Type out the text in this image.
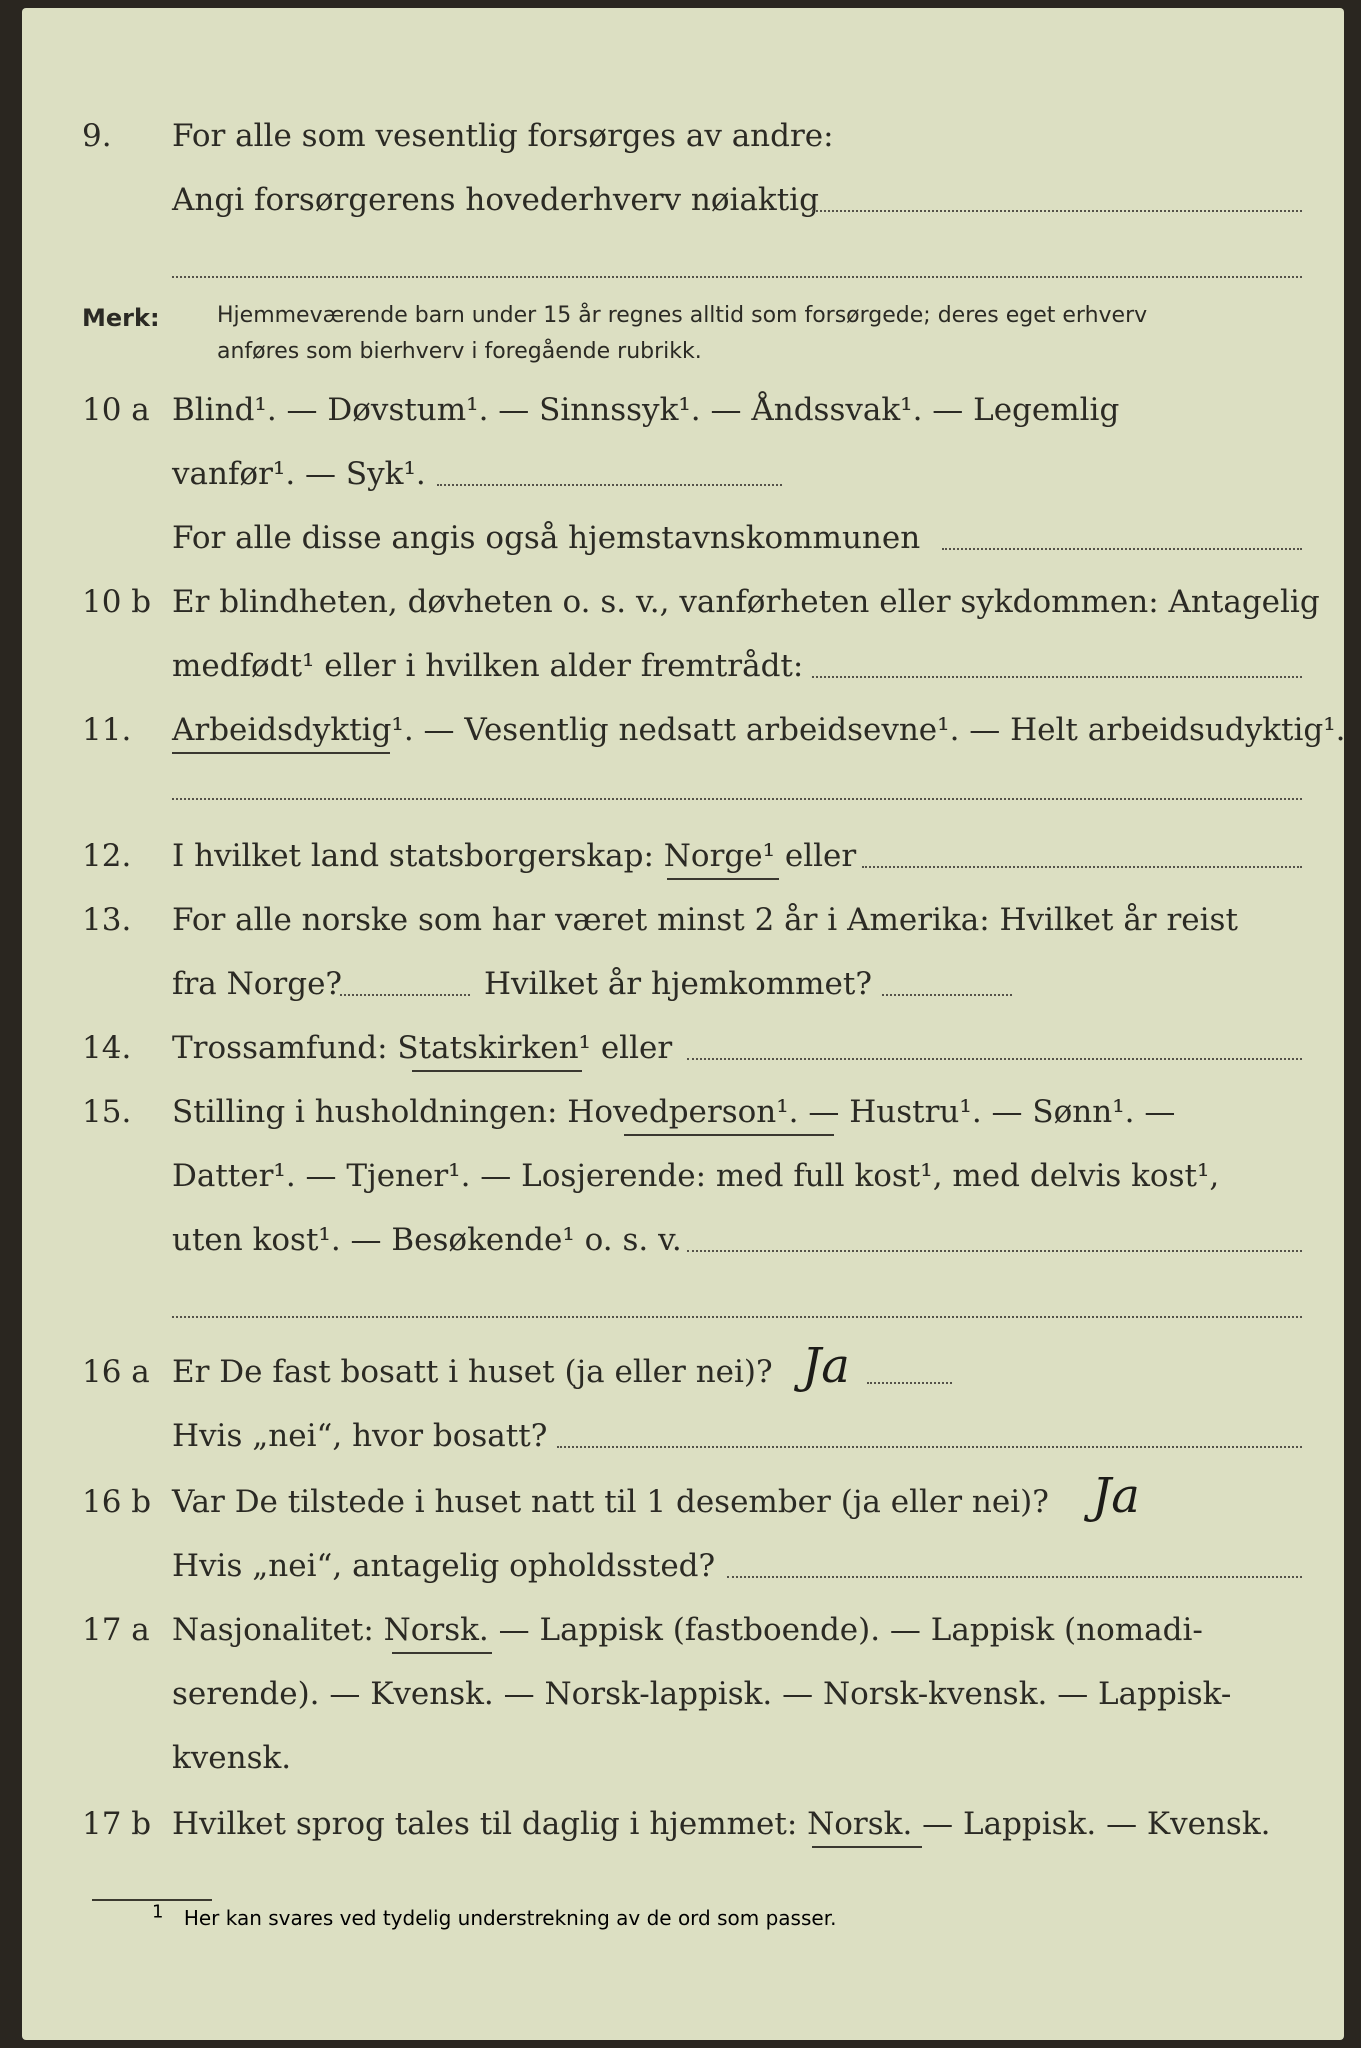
9. For alle som vesentlig forsørges av andre:
Angi forsørgerens hovederhverv nøiaktig
Merk:	Hjemmeværende barn under 15 år regnes alltid som forsørgede; deres eget erhverv
anføres som bierhverv i foregående rubrikk.
10 a Blind¹. — Døvstum¹. — Sinnssyk¹. — Åndssvak¹. — Legemlig
vanfør¹. — Syk¹.
For alle disse angis også hjemstavnskommunen
10 b Er blindheten, døvheten o. s. v., vanførheten eller sykdommen: Antagelig
medfødt¹ eller i hvilken alder fremtrådt:
11. Arbeidsdyktig¹. — Vesentlig nedsatt arbeidsevne¹. — Helt arbeidsudyktig¹.
12. I hvilket land statsborgerskap: Norge¹ eller
13. For alle norske som har været minst 2 år i Amerika: Hvilket år reist
fra Norge?	Hvilket år hjemkommet?
14. Trossamfund: Statskirken¹ eller
15. Stilling i husholdningen: Hovedperson¹. — Hustru¹. — Sønn¹. —
Datter¹. — Tjener¹. — Losjerende: med full kost¹, med delvis kost¹,
uten kost¹. — Besøkende¹ o. s. v.
16 a Er De fast bosatt i huset (ja eller nei)? Ja
Hvis „nei“, hvor bosatt?
16 b Var De tilstede i huset natt til 1 desember (ja eller nei)? Ja
Hvis „nei“, antagelig opholdssted?
17 a Nasjonalitet: Norsk. — Lappisk (fastboende). — Lappisk (nomadi-
serende). — Kvensk. — Norsk-lappisk. — Norsk-kvensk. — Lappisk-
kvensk.
17 b Hvilket sprog tales til daglig i hjemmet: Norsk. — Lappisk. — Kvensk.
1 Her kan svares ved tydelig understrekning av de ord som passer.
